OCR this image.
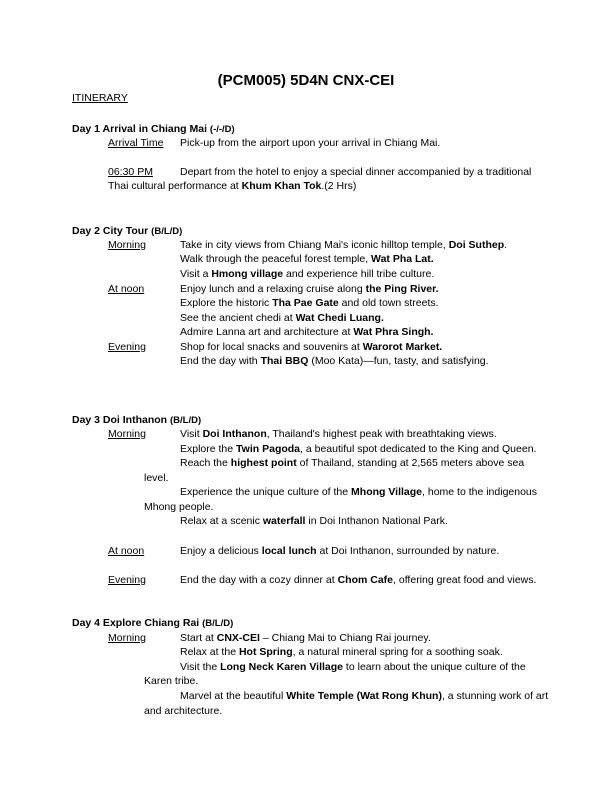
(PCM005) 5D4N CNX-CEI
ITINERARY
Day 1 Arrival in Chiang Mai (-/-/D)
Arrival Time Pick-up from the airport upon your arrival in Chiang Mai.
06:30 PM	Depart from the hotel to enjoy a special dinner accompanied by a traditional
Thai cultural performance at Khum Khan Tok.(2 Hrs)
Day 2 City Tour (B/L/D)
Morning	Take in city views from Chiang Mai's iconic hilltop temple, Doi Suthep.
Walk through the peaceful forest temple, Wat Pha Lat.
Visit a Hmong village and experience hill tribe culture.
At noon	Enjoy lunch and a relaxing cruise along the Ping River.
Explore the historic Tha Pae Gate and old town streets.
See the ancient chedi at Wat Chedi Luang.
Admire Lanna art and architecture at Wat Phra Singh.
Evening	Shop for local snacks and souvenirs at Warorot Market.
End the day with Thai BBQ (Moo Kata)—fun, tasty, and satisfying.
Day 3 Doi Inthanon (B/L/D)
Morning	Visit Doi Inthanon, Thailand's highest peak with breathtaking views.
Explore the Twin Pagoda, a beautiful spot dedicated to the King and Queen.
Reach the highest point of Thailand, standing at 2,565 meters above sea
level.
Experience the unique culture of the Mhong Village, home to the indigenous
Mhong people.
Relax at a scenic waterfall in Doi Inthanon National Park.
At noon	Enjoy a delicious local lunch at Doi Inthanon, surrounded by nature.
Evening	End the day with a cozy dinner at Chom Cafe, offering great food and views.
Day 4 Explore Chiang Rai (B/L/D)
Morning	Start at CNX-CEI – Chiang Mai to Chiang Rai journey.
Relax at the Hot Spring, a natural mineral spring for a soothing soak.
Visit the Long Neck Karen Village to learn about the unique culture of the
Karen tribe.
Marvel at the beautiful White Temple (Wat Rong Khun), a stunning work of art
and architecture.
